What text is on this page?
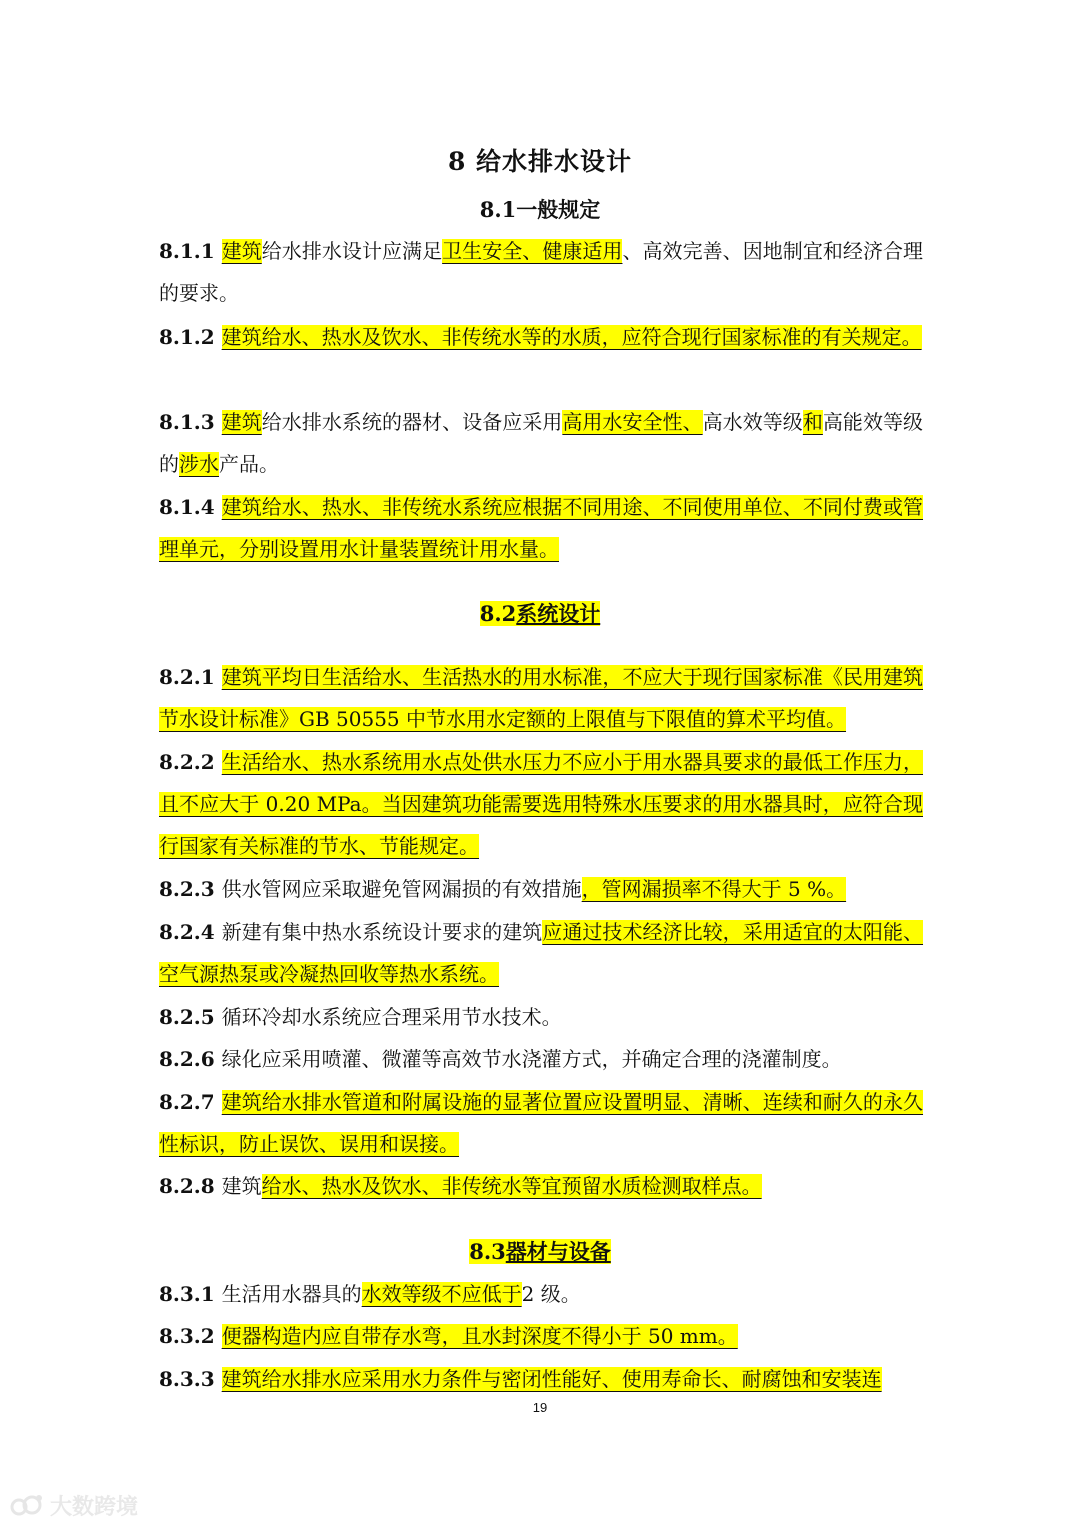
8 给水排水设计
8.1一般规定
8.1.1 建筑给水排水设计应满足卫生安全、健康适用、高效完善、因地制宜和经济合理的要求。
8.1.2 建筑给水、热水及饮水、非传统水等的水质，应符合现行国家标准的有关规定。
8.1.3 建筑给水排水系统的器材、设备应采用高用水安全性、高水效等级和高能效等级的涉水产品。
8.1.4 建筑给水、热水、非传统水系统应根据不同用途、不同使用单位、不同付费或管理单元，分别设置用水计量装置统计用水量。
8.2系统设计
8.2.1 建筑平均日生活给水、生活热水的用水标准，不应大于现行国家标准《民用建筑节水设计标准》GB 50555 中节水用水定额的上限值与下限值的算术平均值。
8.2.2 生活给水、热水系统用水点处供水压力不应小于用水器具要求的最低工作压力，且不应大于 0.20 MPa。当因建筑功能需要选用特殊水压要求的用水器具时，应符合现行国家有关标准的节水、节能规定。
8.2.3 供水管网应采取避免管网漏损的有效措施，管网漏损率不得大于 5 %。
8.2.4 新建有集中热水系统设计要求的建筑应通过技术经济比较，采用适宜的太阳能、空气源热泵或冷凝热回收等热水系统。
8.2.5 循环冷却水系统应合理采用节水技术。
8.2.6 绿化应采用喷灌、微灌等高效节水浇灌方式，并确定合理的浇灌制度。
8.2.7 建筑给水排水管道和附属设施的显著位置应设置明显、清晰、连续和耐久的永久性标识，防止误饮、误用和误接。
8.2.8 建筑给水、热水及饮水、非传统水等宜预留水质检测取样点。
8.3器材与设备
8.3.1 生活用水器具的水效等级不应低于2 级。
8.3.2 便器构造内应自带存水弯，且水封深度不得小于 50 mm。
8.3.3 建筑给水排水应采用水力条件与密闭性能好、使用寿命长、耐腐蚀和安装连
19
大数跨境
